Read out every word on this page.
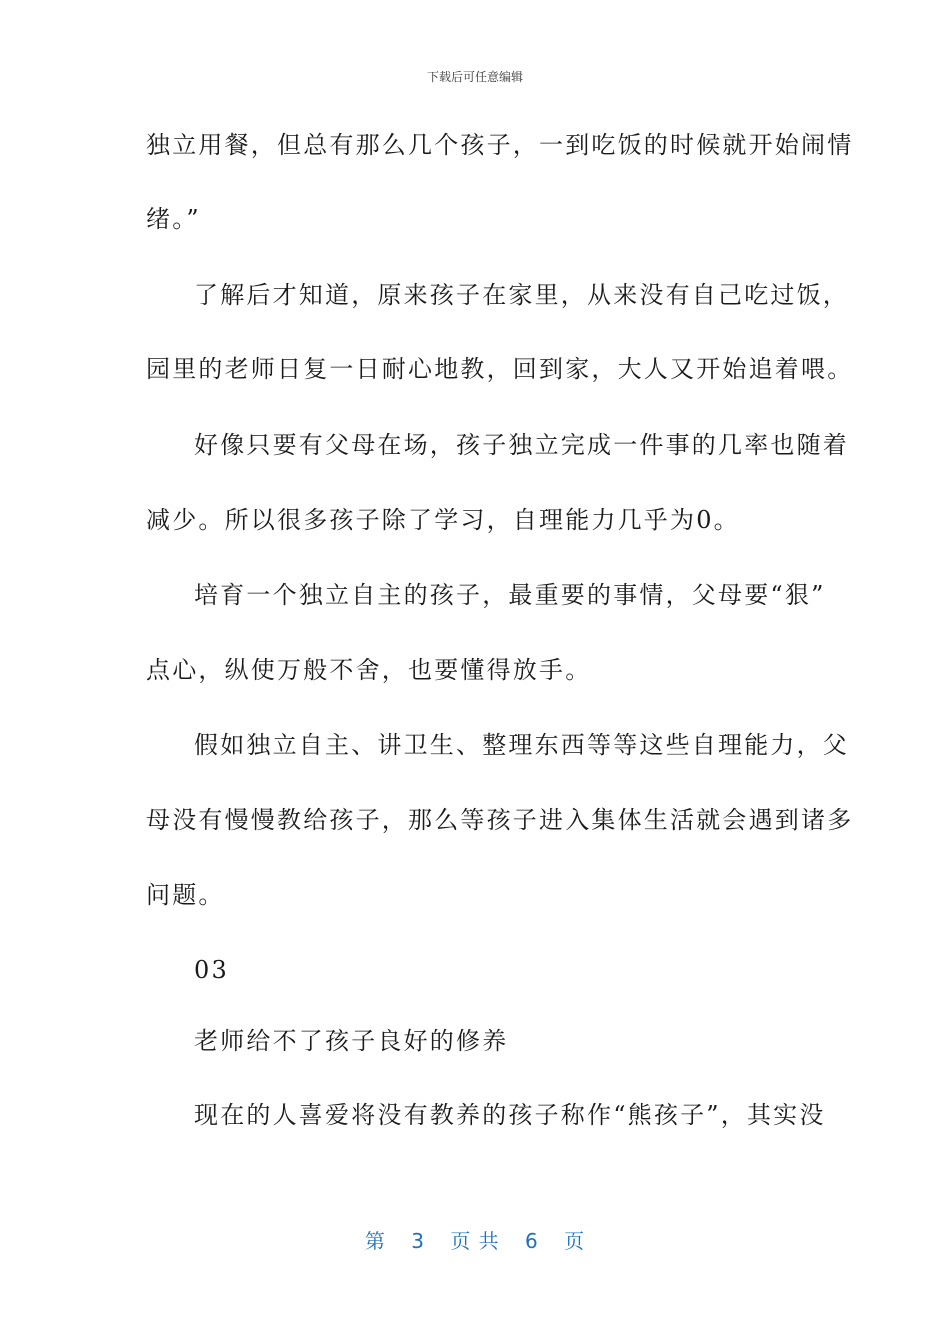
下载后可任意编辑
独立用餐，但总有那么几个孩子，一到吃饭的时候就开始闹情
绪。”
了解后才知道，原来孩子在家里，从来没有自己吃过饭，
园里的老师日复一日耐心地教，回到家，大人又开始追着喂。
好像只要有父母在场，孩子独立完成一件事的几率也随着
减少。所以很多孩子除了学习，自理能力几乎为0。
培育一个独立自主的孩子，最重要的事情，父母要“狠”
点心，纵使万般不舍，也要懂得放手。
假如独立自主、讲卫生、整理东西等等这些自理能力，父
母没有慢慢教给孩子，那么等孩子进入集体生活就会遇到诸多
问题。
03
老师给不了孩子良好的修养
现在的人喜爱将没有教养的孩子称作“熊孩子”，其实没
第 3 页 共 6 页
